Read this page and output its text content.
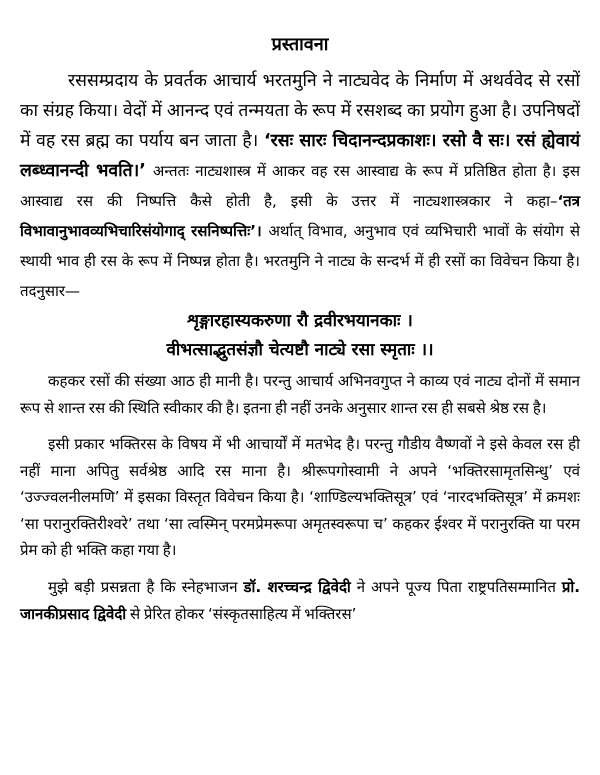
प्रस्तावना
रससम्प्रदाय के प्रवर्तक आचार्य भरतमुनि ने नाट्यवेद के निर्माण में अथर्ववेद से रसों का संग्रह किया। वेदों में आनन्द एवं तन्मयता के रूप में रसशब्द का प्रयोग हुआ है। उपनिषदों में वह रस ब्रह्म का पर्याय बन जाता है। ‘रसः सारः चिदानन्दप्रकाशः। रसो वै सः। रसं ह्येवायं लब्ध्वानन्दी भवति।’ अन्ततः नाट्यशास्त्र में आकर वह रस आस्वाद्य के रूप में प्रतिष्ठित होता है। इस आस्वाद्य रस की निष्पत्ति कैसे होती है, इसी के उत्तर में नाट्यशास्त्रकार ने कहा–‘तत्र विभावानुभावव्यभिचारिसंयोगाद् रसनिष्पत्तिः’। अर्थात् विभाव, अनुभाव एवं व्यभिचारी भावों के संयोग से स्थायी भाव ही रस के रूप में निष्पन्न होता है। भरतमुनि ने नाट्य के सन्दर्भ में ही रसों का विवेचन किया है। तदनुसार—
शृङ्गारहास्यकरुणा रौ द्रवीरभयानकाः ।
वीभत्साद्भुतसंज्ञौ चेत्यष्टौ नाट्ये रसा स्मृताः ।।
कहकर रसों की संख्या आठ ही मानी है। परन्तु आचार्य अभिनवगुप्त ने काव्य एवं नाट्य दोनों में समान रूप से शान्त रस की स्थिति स्वीकार की है। इतना ही नहीं उनके अनुसार शान्त रस ही सबसे श्रेष्ठ रस है।
इसी प्रकार भक्तिरस के विषय में भी आचार्यों में मतभेद है। परन्तु गौडीय वैष्णवों ने इसे केवल रस ही नहीं माना अपितु सर्वश्रेष्ठ आदि रस माना है। श्रीरूपगोस्वामी ने अपने ‘भक्तिरसामृतसिन्धु’ एवं ‘उज्ज्वलनीलमणि’ में इसका विस्तृत विवेचन किया है। ‘शाण्डिल्यभक्तिसूत्र’ एवं ‘नारदभक्तिसूत्र’ में क्रमशः ‘सा परानुरक्तिरीश्वरे’ तथा ‘सा त्वस्मिन् परमप्रेमरूपा अमृतस्वरूपा च’ कहकर ईश्वर में परानुरक्ति या परम प्रेम को ही भक्ति कहा गया है।
मुझे बड़ी प्रसन्नता है कि स्नेहभाजन डॉ. शरच्चन्द्र द्विवेदी ने अपने पूज्य पिता राष्ट्रपतिसम्मानित प्रो. जानकीप्रसाद द्विवेदी से प्रेरित होकर ‘संस्कृतसाहित्य में भक्तिरस’
